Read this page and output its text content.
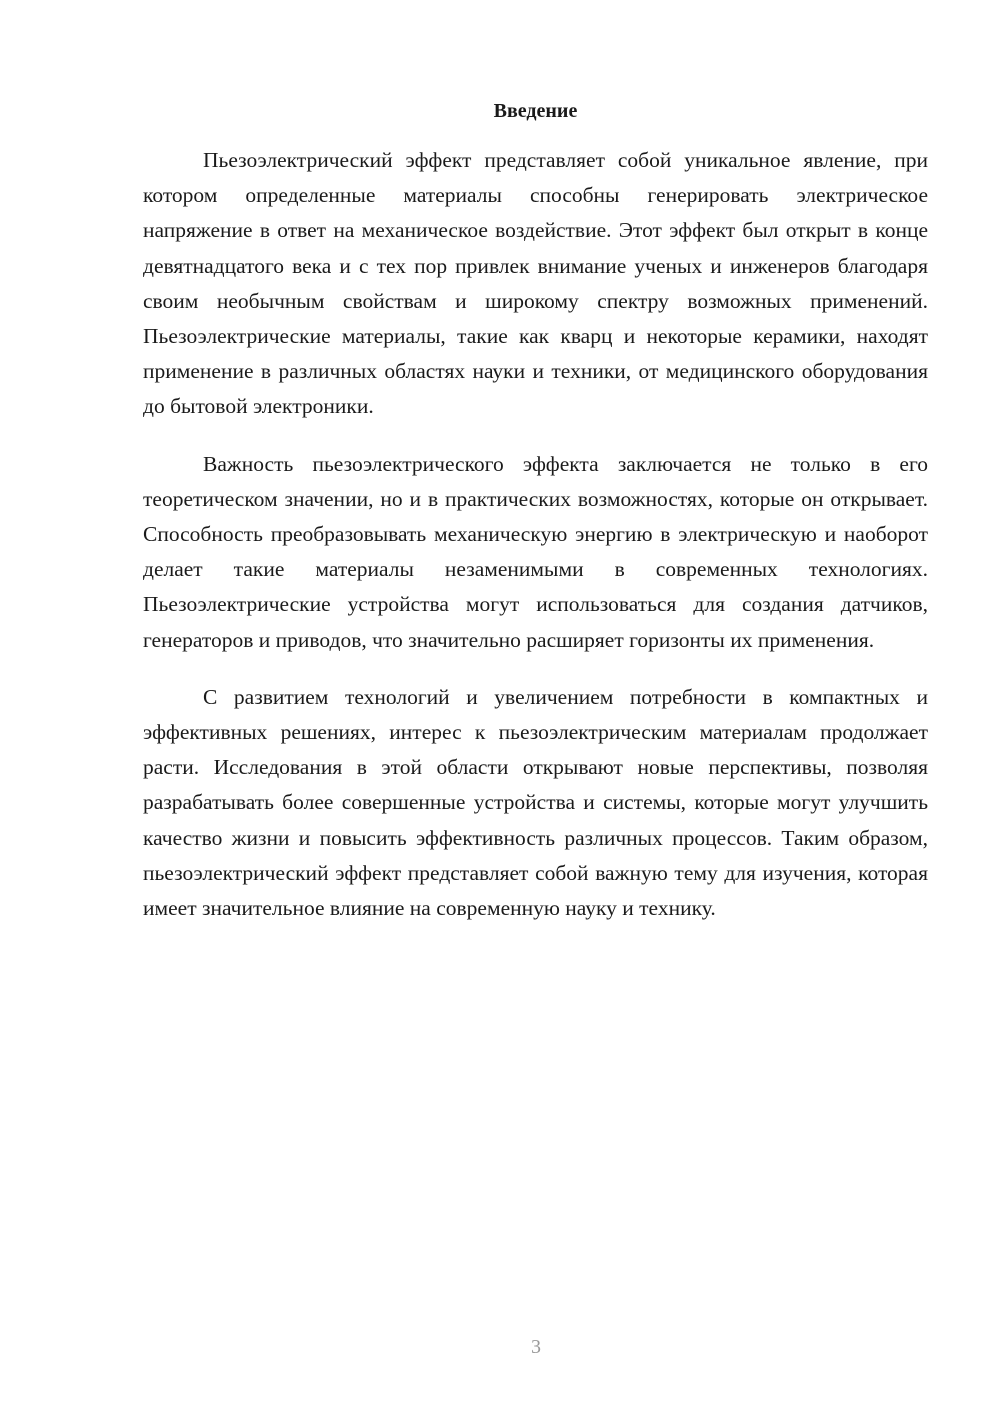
Введение

Пьезоэлектрический эффект представляет собой уникальное явление, при котором определенные материалы способны генерировать электрическое напряжение в ответ на механическое воздействие. Этот эффект был открыт в конце девятнадцатого века и с тех пор привлек внимание ученых и инженеров благодаря своим необычным свойствам и широкому спектру возможных применений. Пьезоэлектрические материалы, такие как кварц и некоторые керамики, находят применение в различных областях науки и техники, от медицинского оборудования до бытовой электроники.

Важность пьезоэлектрического эффекта заключается не только в его теоретическом значении, но и в практических возможностях, которые он открывает. Способность преобразовывать механическую энергию в электрическую и наоборот делает такие материалы незаменимыми в современных технологиях. Пьезоэлектрические устройства могут использоваться для создания датчиков, генераторов и приводов, что значительно расширяет горизонты их применения.

С развитием технологий и увеличением потребности в компактных и эффективных решениях, интерес к пьезоэлектрическим материалам продолжает расти. Исследования в этой области открывают новые перспективы, позволяя разрабатывать более совершенные устройства и системы, которые могут улучшить качество жизни и повысить эффективность различных процессов. Таким образом, пьезоэлектрический эффект представляет собой важную тему для изучения, которая имеет значительное влияние на современную науку и технику.

3
